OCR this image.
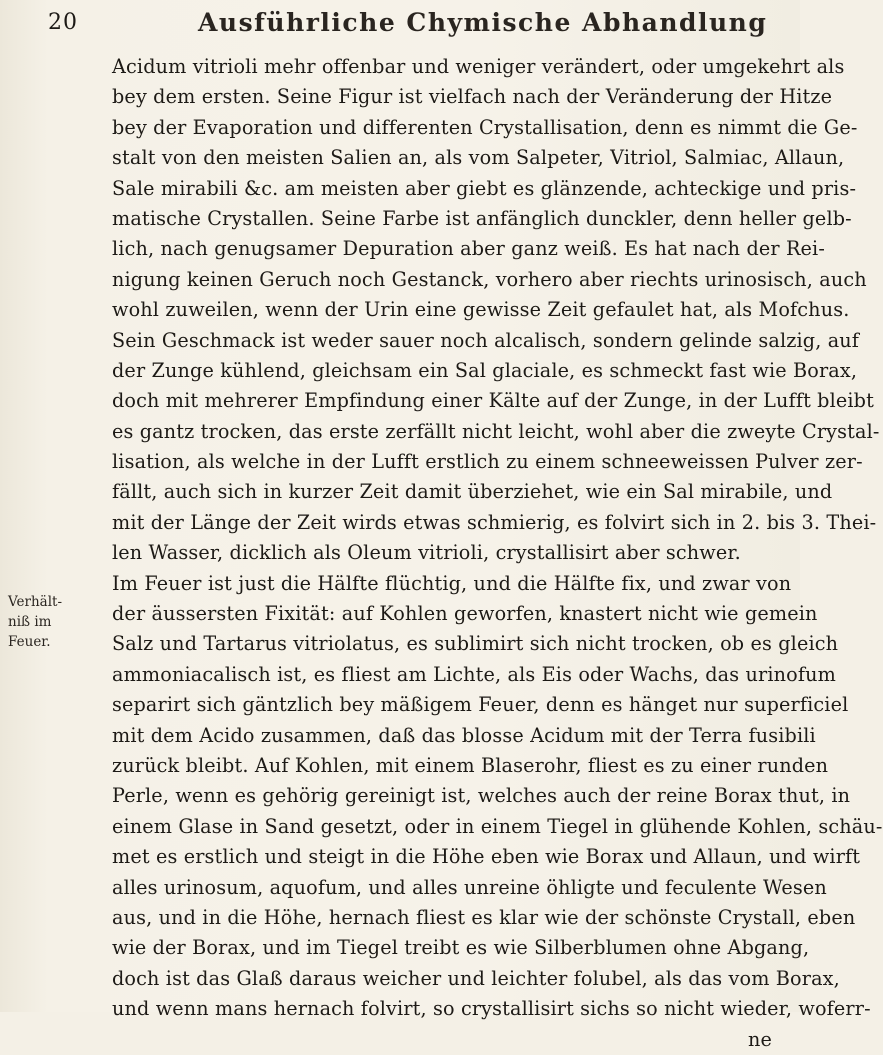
20	Ausführliche Chymische Abhandlung
Verhält-
niß im
Feuer.
Acidum vitrioli mehr offenbar und weniger verändert, oder umgekehrt als
bey dem ersten. Seine Figur ist vielfach nach der Veränderung der Hitze
bey der Evaporation und differenten Crystallisation, denn es nimmt die Ge-
stalt von den meisten Salien an, als vom Salpeter, Vitriol, Salmiac, Allaun,
Sale mirabili &c. am meisten aber giebt es glänzende, achteckige und pris-
matische Crystallen. Seine Farbe ist anfänglich dunckler, denn heller gelb-
lich, nach genugsamer Depuration aber ganz weiß. Es hat nach der Rei-
nigung keinen Geruch noch Gestanck, vorhero aber riechts urinosisch, auch
wohl zuweilen, wenn der Urin eine gewisse Zeit gefaulet hat, als Mofchus.
Sein Geschmack ist weder sauer noch alcalisch, sondern gelinde salzig, auf
der Zunge kühlend, gleichsam ein Sal glaciale, es schmeckt fast wie Borax,
doch mit mehrerer Empfindung einer Kälte auf der Zunge, in der Lufft bleibt
es gantz trocken, das erste zerfällt nicht leicht, wohl aber die zweyte Crystal-
lisation, als welche in der Lufft erstlich zu einem schneeweissen Pulver zer-
fällt, auch sich in kurzer Zeit damit überziehet, wie ein Sal mirabile, und
mit der Länge der Zeit wirds etwas schmierig, es folvirt sich in 2. bis 3. Thei-
len Wasser, dicklich als Oleum vitrioli, crystallisirt aber schwer.
Im Feuer ist just die Hälfte flüchtig, und die Hälfte fix, und zwar von
der äussersten Fixität: auf Kohlen geworfen, knastert nicht wie gemein
Salz und Tartarus vitriolatus, es sublimirt sich nicht trocken, ob es gleich
ammoniacalisch ist, es fliest am Lichte, als Eis oder Wachs, das urinofum
separirt sich gäntzlich bey mäßigem Feuer, denn es hänget nur superficiel
mit dem Acido zusammen, daß das blosse Acidum mit der Terra fusibili
zurück bleibt. Auf Kohlen, mit einem Blaserohr, fliest es zu einer runden
Perle, wenn es gehörig gereinigt ist, welches auch der reine Borax thut, in
einem Glase in Sand gesetzt, oder in einem Tiegel in glühende Kohlen, schäu-
met es erstlich und steigt in die Höhe eben wie Borax und Allaun, und wirft
alles urinosum, aquofum, und alles unreine öhligte und feculente Wesen
aus, und in die Höhe, hernach fliest es klar wie der schönste Crystall, eben
wie der Borax, und im Tiegel treibt es wie Silberblumen ohne Abgang,
doch ist das Glaß daraus weicher und leichter folubel, als das vom Borax,
und wenn mans hernach folvirt, so crystallisirt sichs so nicht wieder, woferr-
ne
